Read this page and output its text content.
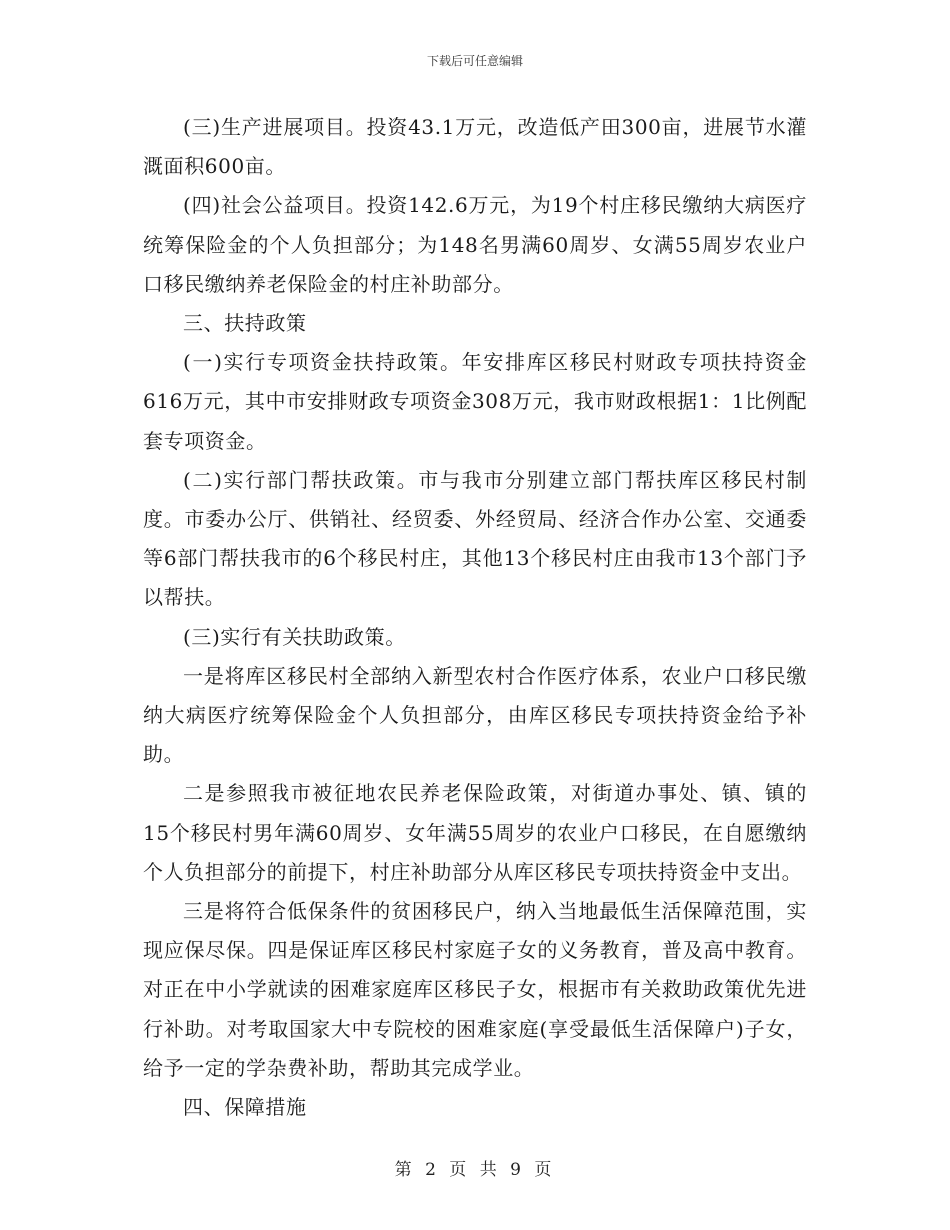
下载后可任意编辑

(三)生产进展项目。投资43.1万元，改造低产田300亩，进展节水灌溉面积600亩。

(四)社会公益项目。投资142.6万元，为19个村庄移民缴纳大病医疗统筹保险金的个人负担部分；为148名男满60周岁、女满55周岁农业户口移民缴纳养老保险金的村庄补助部分。

三、扶持政策

(一)实行专项资金扶持政策。年安排库区移民村财政专项扶持资金616万元，其中市安排财政专项资金308万元，我市财政根据1：1比例配套专项资金。

(二)实行部门帮扶政策。市与我市分别建立部门帮扶库区移民村制度。市委办公厅、供销社、经贸委、外经贸局、经济合作办公室、交通委等6部门帮扶我市的6个移民村庄，其他13个移民村庄由我市13个部门予以帮扶。

(三)实行有关扶助政策。

一是将库区移民村全部纳入新型农村合作医疗体系，农业户口移民缴纳大病医疗统筹保险金个人负担部分，由库区移民专项扶持资金给予补助。

二是参照我市被征地农民养老保险政策，对街道办事处、镇、镇的15个移民村男年满60周岁、女年满55周岁的农业户口移民，在自愿缴纳个人负担部分的前提下，村庄补助部分从库区移民专项扶持资金中支出。

三是将符合低保条件的贫困移民户，纳入当地最低生活保障范围，实现应保尽保。四是保证库区移民村家庭子女的义务教育，普及高中教育。对正在中小学就读的困难家庭库区移民子女，根据市有关救助政策优先进行补助。对考取国家大中专院校的困难家庭(享受最低生活保障户)子女，给予一定的学杂费补助，帮助其完成学业。

四、保障措施

第 2 页 共 9 页
